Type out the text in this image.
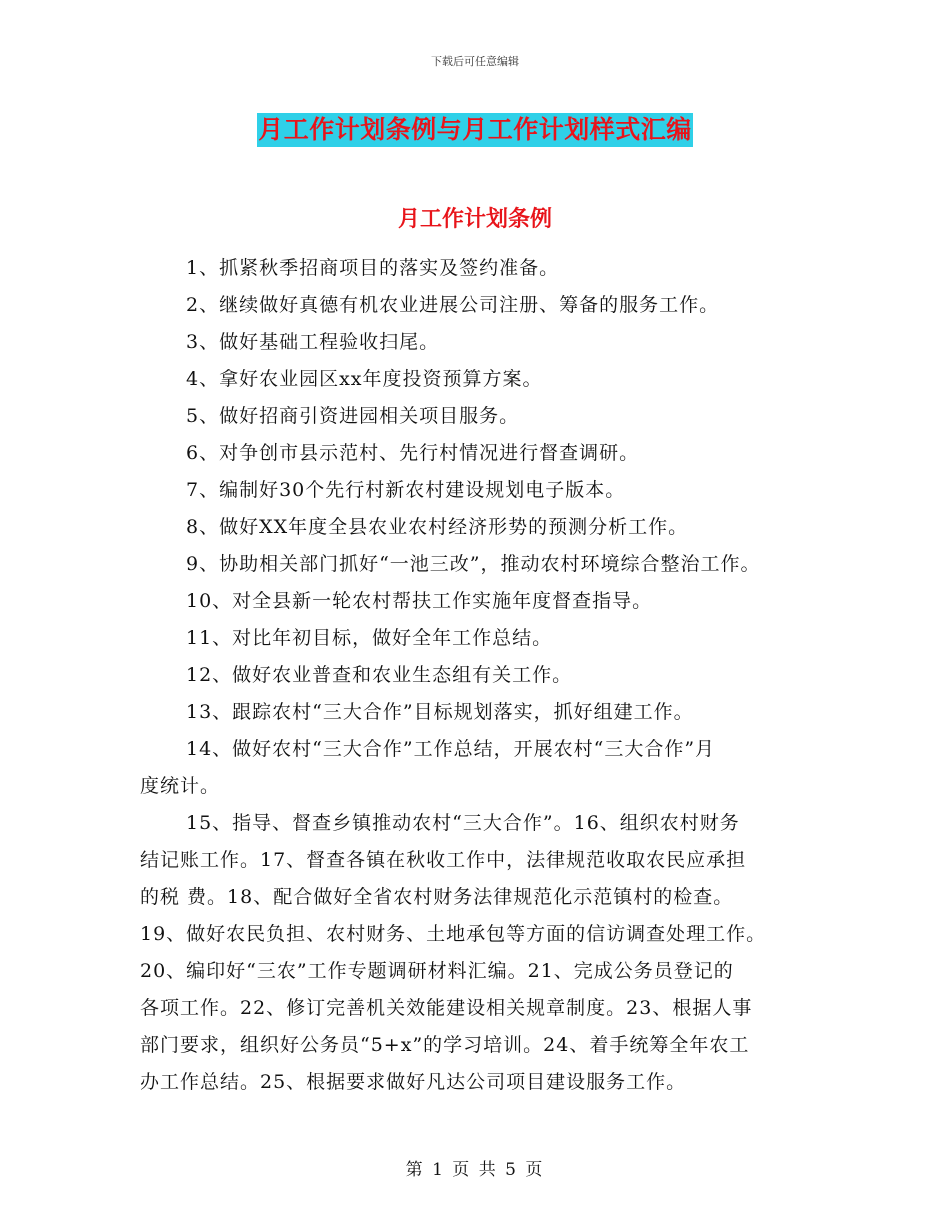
下载后可任意编辑
月工作计划条例与月工作计划样式汇编
月工作计划条例
1、抓紧秋季招商项目的落实及签约准备。
2、继续做好真德有机农业进展公司注册、筹备的服务工作。
3、做好基础工程验收扫尾。
4、拿好农业园区xx年度投资预算方案。
5、做好招商引资进园相关项目服务。
6、对争创市县示范村、先行村情况进行督查调研。
7、编制好30个先行村新农村建设规划电子版本。
8、做好XX年度全县农业农村经济形势的预测分析工作。
9、协助相关部门抓好“一池三改”，推动农村环境综合整治工作。
10、对全县新一轮农村帮扶工作实施年度督查指导。
11、对比年初目标，做好全年工作总结。
12、做好农业普查和农业生态组有关工作。
13、跟踪农村“三大合作”目标规划落实，抓好组建工作。

14、做好农村“三大合作”工作总结，开展农村“三大合作”月
度统计。

15、指导、督查乡镇推动农村“三大合作”。16、组织农村财务
结记账工作。17、督查各镇在秋收工作中，法律规范收取农民应承担
的税 费。18、配合做好全省农村财务法律规范化示范镇村的检查。
19、做好农民负担、农村财务、土地承包等方面的信访调查处理工作。
20、编印好“三农”工作专题调研材料汇编。21、完成公务员登记的
各项工作。22、修订完善机关效能建设相关规章制度。23、根据人事
部门要求，组织好公务员“5+x”的学习培训。24、着手统筹全年农工
办工作总结。25、根据要求做好凡达公司项目建设服务工作。

第 1 页 共 5 页
